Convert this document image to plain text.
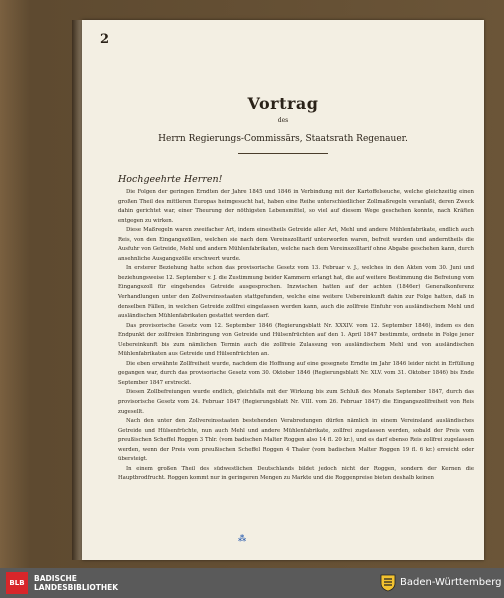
2
Vortrag
des
Herrn Regierungs-Commissärs, Staatsrath Regenauer.
Hochgeehrte Herren!

Die Folgen der geringen Erndten der Jahre 1845 und 1846 in Verbindung mit der Kartoffelseuche, welche gleichzeitig einen großen Theil des mittleren Europas heimgesucht hat, haben eine Reihe unterschiedlicher Zollmaßregeln veranlaßt, deren Zweck dahin gerichtet war, einer Theurung der nöthigsten Lebensmittel, so viel auf diesem Wege geschehen konnte, nach Kräften entgegen zu wirken.

Diese Maßregeln waren zweifacher Art, indem einestheils Getreide aller Art, Mehl und andere Mühlenfabrikate, endlich auch Reis, von den Eingangszöllen, welchen sie nach dem Vereinszolltarif unterworfen waren, befreit wurden und anderntheils die Ausfuhr von Getreide, Mehl und andern Mühlenfabrikaten, welche nach dem Vereinszolltarif ohne Abgabe geschehen kann, durch ansehnliche Ausgangszölle erschwert wurde.

In ersterer Beziehung hatte schon das provisorische Gesetz vom 13. Februar v. J., welches in den Akten vom 30. Juni und beziehungsweise 12. September v. J. die Zustimmung beider Kammern erlangt hat, die auf weitere Bestimmung die Befreiung vom Eingangszoll für eingehendes Getreide ausgesprochen. Inzwischen hatten auf der achten (1846er) Generalkonferenz Verhandlungen unter den Zollvereinsstaaten stattgefunden, welche eine weitere Uebereinkunft dahin zur Folge hatten, daß in denselben Fällen, in welchen Getreide zollfrei eingelassen werden kann, auch die zollfreie Einfuhr von ausländischem Mehl und ausländischen Mühlenfabrikaten gestattet werden darf.

Das provisorische Gesetz vom 12. September 1846 (Regierungsblatt Nr. XXXIV. vom 12. September 1846), indem es den Endpunkt der zollfreien Einbringung von Getreide und Hülsenfrüchten auf den 1. April 1847 bestimmte, ordnete in Folge jener Uebereinkunft bis zum nämlichen Termin auch die zollfreie Zulassung von ausländischem Mehl und von ausländischen Mühlenfabrikaten aus Getreide und Hülsenfrüchten an.

Die eben erwähnte Zollfreiheit wurde, nachdem die Hoffnung auf eine gesegnete Erndte im Jahr 1846 leider nicht in Erfüllung gegangen war, durch das provisorische Gesetz vom 30. Oktober 1846 (Regierungsblatt Nr. XLV. vom 31. Oktober 1846) bis Ende September 1847 erstreckt.

Diesen Zollbefreiungen wurde endlich, gleichfalls mit der Wirkung bis zum Schluß des Monats September 1847, durch das provisorische Gesetz vom 24. Februar 1847 (Regierungsblatt Nr. VIII. vom 26. Februar 1847) die Eingangszollfreiheit von Reis zugesellt.

Nach den unter den Zollvereinsstaaten bestehenden Verabredungen dürfen nämlich in einem Vereinsland ausländisches Getreide und Hülsenfrüchte, nun auch Mehl und andere Mühlenfabrikate, zollfrei zugelassen werden, sobald der Preis vom preußischen Scheffel Roggen 3 Thlr. (vom badischen Malter Roggen also 14 fl. 20 kr.), und es darf ebenso Reis zollfrei zugelassen werden, wenn der Preis vom preußischen Scheffel Roggen 4 Thaler (vom badischen Malter Roggen 19 fl. 6 kr.) erreicht oder übersteigt.

In einem großen Theil des südwestlichen Deutschlands bildet jedoch nicht der Roggen, sondern der Kernen die Hauptbrodfrucht. Roggen kommt nur in geringeren Mengen zu Markte und die Roggenpreise bieten deshalb keinen

⁂
BLB	BADISCHE
LANDESBIBLIOTHEK	Baden-Württemberg
